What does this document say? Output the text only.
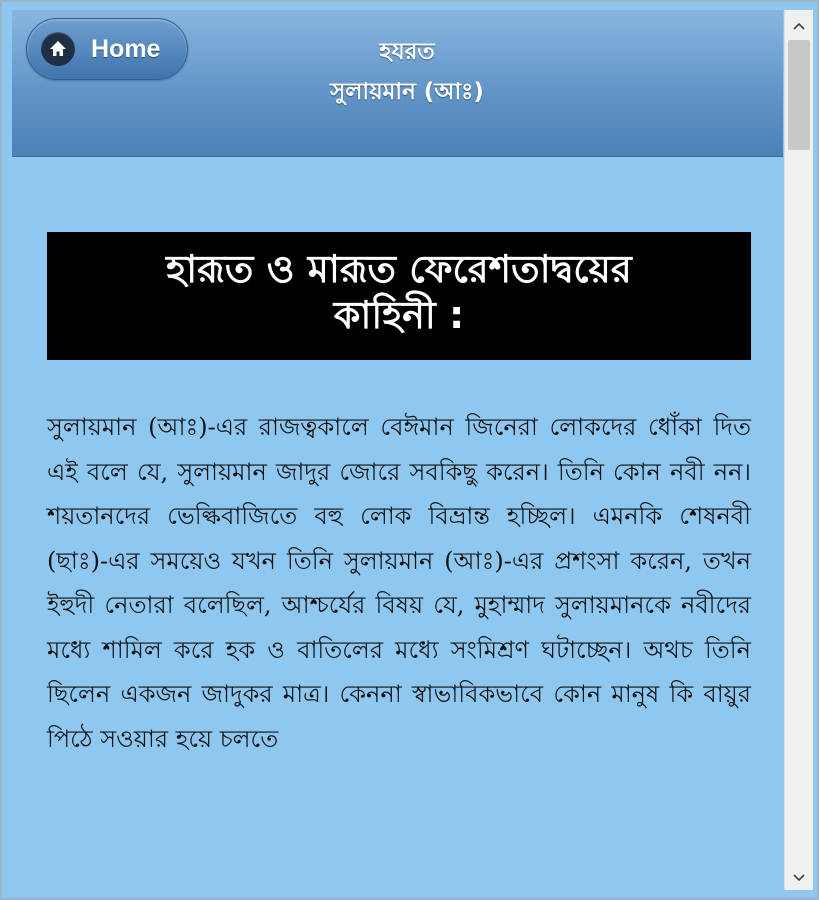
Home	হযরত
সুলায়মান (আঃ)
হারূত ও মারূত ফেরেশতাদ্বয়ের
কাহিনী :
সুলায়মান (আঃ)-এর রাজত্বকালে বেঈমান জিনেরা লোকদের ধোঁকা দিত এই বলে যে, সুলায়মান জাদুর জোরে সবকিছু করেন। তিনি কোন নবী নন। শয়তানদের ভেল্কিবাজিতে বহু লোক বিভ্রান্ত হচ্ছিল। এমনকি শেষনবী (ছাঃ)-এর সময়েও যখন তিনি সুলায়মান (আঃ)-এর প্রশংসা করেন, তখন ইহুদী নেতারা বলেছিল, আশ্চর্যের বিষয় যে, মুহাম্মাদ সুলায়মানকে নবীদের মধ্যে শামিল করে হক ও বাতিলের মধ্যে সংমিশ্রণ ঘটাচ্ছেন। অথচ তিনি ছিলেন একজন জাদুকর মাত্র। কেননা স্বাভাবিকভাবে কোন মানুষ কি বায়ুর পিঠে সওয়ার হয়ে চলতে
